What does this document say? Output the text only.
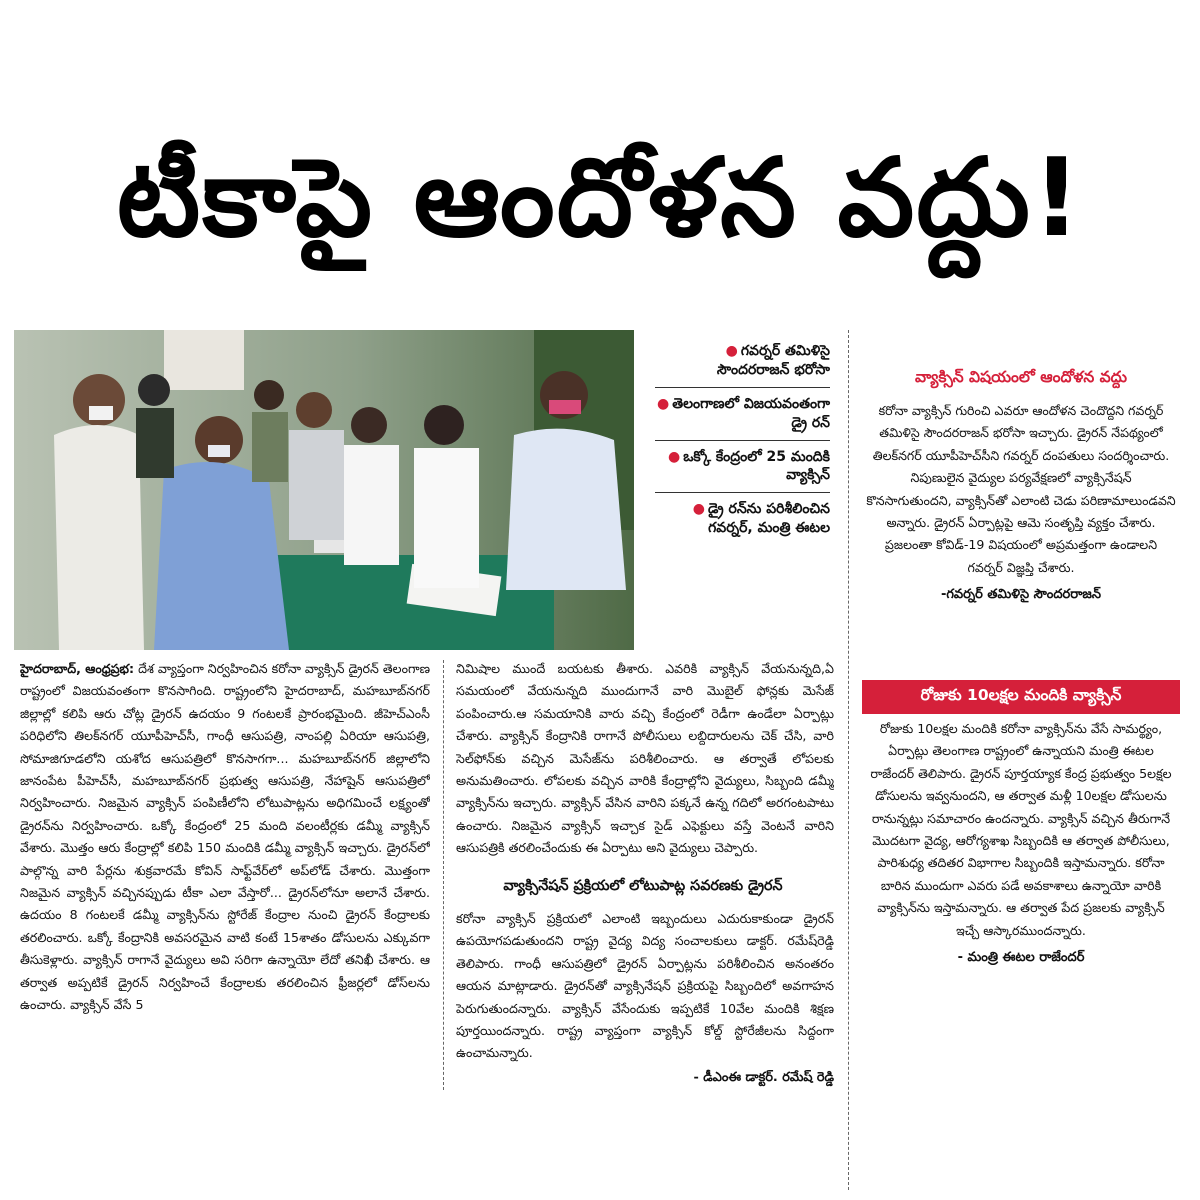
టీకాపై ఆందోళన వద్దు!
● గవర్నర్ తమిళిసై సౌందరరాజన్ భరోసా
● తెలంగాణలో విజయవంతంగా డ్రై రన్
● ఒక్కో కేంద్రంలో 25 మందికి వ్యాక్సిన్
● డ్రై రన్‌ను పరిశీలించిన గవర్నర్, మంత్రి ఈటల
హైదరాబాద్, ఆంధ్రప్రభ: దేశ వ్యాప్తంగా నిర్వహించిన కరోనా వ్యాక్సిన్ డ్రైరన్ తెలంగాణ రాష్ట్రంలో విజయవంతంగా కొనసాగింది. రాష్ట్రంలోని హైదరాబాద్, మహబూబ్‌నగర్ జిల్లాల్లో కలిపి ఆరు చోట్ల డ్రైరన్ ఉదయం 9 గంటలకే ప్రారంభమైంది. జీహెచ్ఎంసీ పరిధిలోని తిలక్‌నగర్ యూపీహెచ్‌సీ, గాంధీ ఆసుపత్రి, నాంపల్లి ఏరియా ఆసుపత్రి, సోమాజిగూడలోని యశోద ఆసుపత్రిలో కొనసాగగా... మహబూబ్‌నగర్ జిల్లాలోని జానంపేట పీహెచ్‌సీ, మహబూబ్‌నగర్ ప్రభుత్వ ఆసుపత్రి, నేహాషైన్ ఆసుపత్రిలో నిర్వహించారు. నిజమైన వ్యాక్సిన్ పంపిణీలోని లోటుపాట్లను అధిగమించే లక్ష్యంతో డ్రైరన్‌ను నిర్వహించారు. ఒక్కో కేంద్రంలో 25 మంది వలంటీర్లకు డమ్మీ వ్యాక్సిన్ వేశారు. మొత్తం ఆరు కేంద్రాల్లో కలిపి 150 మందికి డమ్మీ వ్యాక్సిన్ ఇచ్చారు. డ్రైరన్‌లో పాల్గొన్న వారి పేర్లను శుక్రవారమే కోవిన్ సాఫ్ట్‌వేర్‌లో అప్‌లోడ్ చేశారు. మొత్తంగా నిజమైన వ్యాక్సిన్ వచ్చినప్పుడు టీకా ఎలా వేస్తారో... డ్రైరన్‌లోనూ అలానే చేశారు. ఉదయం 8 గంటలకే డమ్మీ వ్యాక్సిన్‌ను స్టోరేజ్ కేంద్రాల నుంచి డ్రైరన్ కేంద్రాలకు తరలించారు. ఒక్కో కేంద్రానికి అవసరమైన వాటి కంటే 15శాతం డోసులను ఎక్కువగా తీసుకెళ్లారు. వ్యాక్సిన్ రాగానే వైద్యులు అవి సరిగా ఉన్నాయో లేదో తనిఖీ చేశారు. ఆ తర్వాత అప్పటికే డ్రైరన్ నిర్వహించే కేంద్రాలకు తరలించిన ఫ్రీజర్లలో డోస్‌లను ఉంచారు. వ్యాక్సిన్ వేసే 5
నిమిషాల ముందే బయటకు తీశారు. ఎవరికి వ్యాక్సిన్ వేయనున్నది,ఏ సమయంలో వేయనున్నది ముందుగానే వారి మొబైల్ ఫోన్లకు మెసేజ్ పంపించారు.ఆ సమయానికి వారు వచ్చి కేంద్రంలో రెడీగా ఉండేలా ఏర్పాట్లు చేశారు. వ్యాక్సిన్ కేంద్రానికి రాగానే పోలీసులు లబ్దిదారులను చెక్ చేసి, వారి సెల్‌ఫోన్‌కు వచ్చిన మెసేజ్‌ను పరిశీలించారు. ఆ తర్వాతే లోపలకు అనుమతించారు. లోపలకు వచ్చిన వారికి కేంద్రాల్లోని వైద్యులు, సిబ్బంది డమ్మీ వ్యాక్సిన్‌ను ఇచ్చారు. వ్యాక్సిన్ వేసిన వారిని పక్కనే ఉన్న గదిలో అరగంటపాటు ఉంచారు. నిజమైన వ్యాక్సిన్ ఇచ్చాక సైడ్ ఎఫెక్టులు వస్తే వెంటనే వారిని ఆసుపత్రికి తరలించేందుకు ఈ ఏర్పాటు అని వైద్యులు చెప్పారు.
వ్యాక్సినేషన్ ప్రక్రియలో లోటుపాట్ల సవరణకు డ్రైరన్
కరోనా వ్యాక్సిన్ ప్రక్రియలో ఎలాంటి ఇబ్బందులు ఎదురుకాకుండా డ్రైరన్ ఉపయోగపడుతుందని రాష్ట్ర వైద్య విద్య సంచాలకులు డాక్టర్. రమేష్‌రెడ్డి తెలిపారు. గాంధీ ఆసుపత్రిలో డ్రైరన్ ఏర్పాట్లను పరిశీలించిన అనంతరం ఆయన మాట్లాడారు. డ్రైరన్‌తో వ్యాక్సినేషన్ ప్రక్రియపై సిబ్బందిలో అవగాహన పెరుగుతుందన్నారు. వ్యాక్సిన్ వేసేందుకు ఇప్పటికే 10వేల మందికి శిక్షణ పూర్తయిందన్నారు. రాష్ట్ర వ్యాప్తంగా వ్యాక్సిన్ కోల్డ్ స్టోరేజీలను సిద్దంగా ఉంచామన్నారు.
- డీఎంఈ డాక్టర్. రమేష్ రెడ్డి
వ్యాక్సిన్ విషయంలో ఆందోళన వద్దు
కరోనా వ్యాక్సిన్ గురించి ఎవరూ ఆందోళన చెందొద్దని గవర్నర్ తమిళిసై సౌందరరాజన్ భరోసా ఇచ్చారు. డ్రైరన్ నేపథ్యంలో తిలక్‌నగర్ యూపీహెచ్‌సీని గవర్నర్ దంపతులు సందర్శించారు. నిపుణులైన వైద్యుల పర్యవేక్షణలో వ్యాక్సినేషన్ కొనసాగుతుందని, వ్యాక్సిన్‌తో ఎలాంటి చెడు పరిణామాలుండవని అన్నారు. డ్రైరన్ ఏర్పాట్లపై ఆమె సంతృప్తి వ్యక్తం చేశారు. ప్రజలంతా కోవిడ్-19 విషయంలో అప్రమత్తంగా ఉండాలని గవర్నర్ విజ్ఞప్తి చేశారు.
-గవర్నర్ తమిళిసై సౌందరరాజన్
రోజుకు 10లక్షల మందికి వ్యాక్సిన్
రోజుకు 10లక్షల మందికి కరోనా వ్యాక్సిన్‌ను వేసే సామర్థ్యం, ఏర్పాట్లు తెలంగాణ రాష్ట్రంలో ఉన్నాయని మంత్రి ఈటల రాజేందర్ తెలిపారు. డ్రైరన్ పూర్తయ్యాక కేంద్ర ప్రభుత్వం 5లక్షల డోసులను ఇవ్వనుందని, ఆ తర్వాత మళ్లీ 10లక్షల డోసులను రానున్నట్లు సమాచారం ఉందన్నారు. వ్యాక్సిన్ వచ్చిన తీరుగానే మొదటగా వైద్య, ఆరోగ్యశాఖ సిబ్బందికి ఆ తర్వాత పోలీసులు, పారిశుధ్య తదితర విభాగాల సిబ్బందికి ఇస్తామన్నారు. కరోనా బారిన ముందుగా ఎవరు పడే అవకాశాలు ఉన్నాయో వారికి వ్యాక్సిన్‌ను ఇస్తామన్నారు. ఆ తర్వాత పేద ప్రజలకు వ్యాక్సిన్ ఇచ్చే ఆస్కారముందన్నారు.
- మంత్రి ఈటల రాజేందర్
